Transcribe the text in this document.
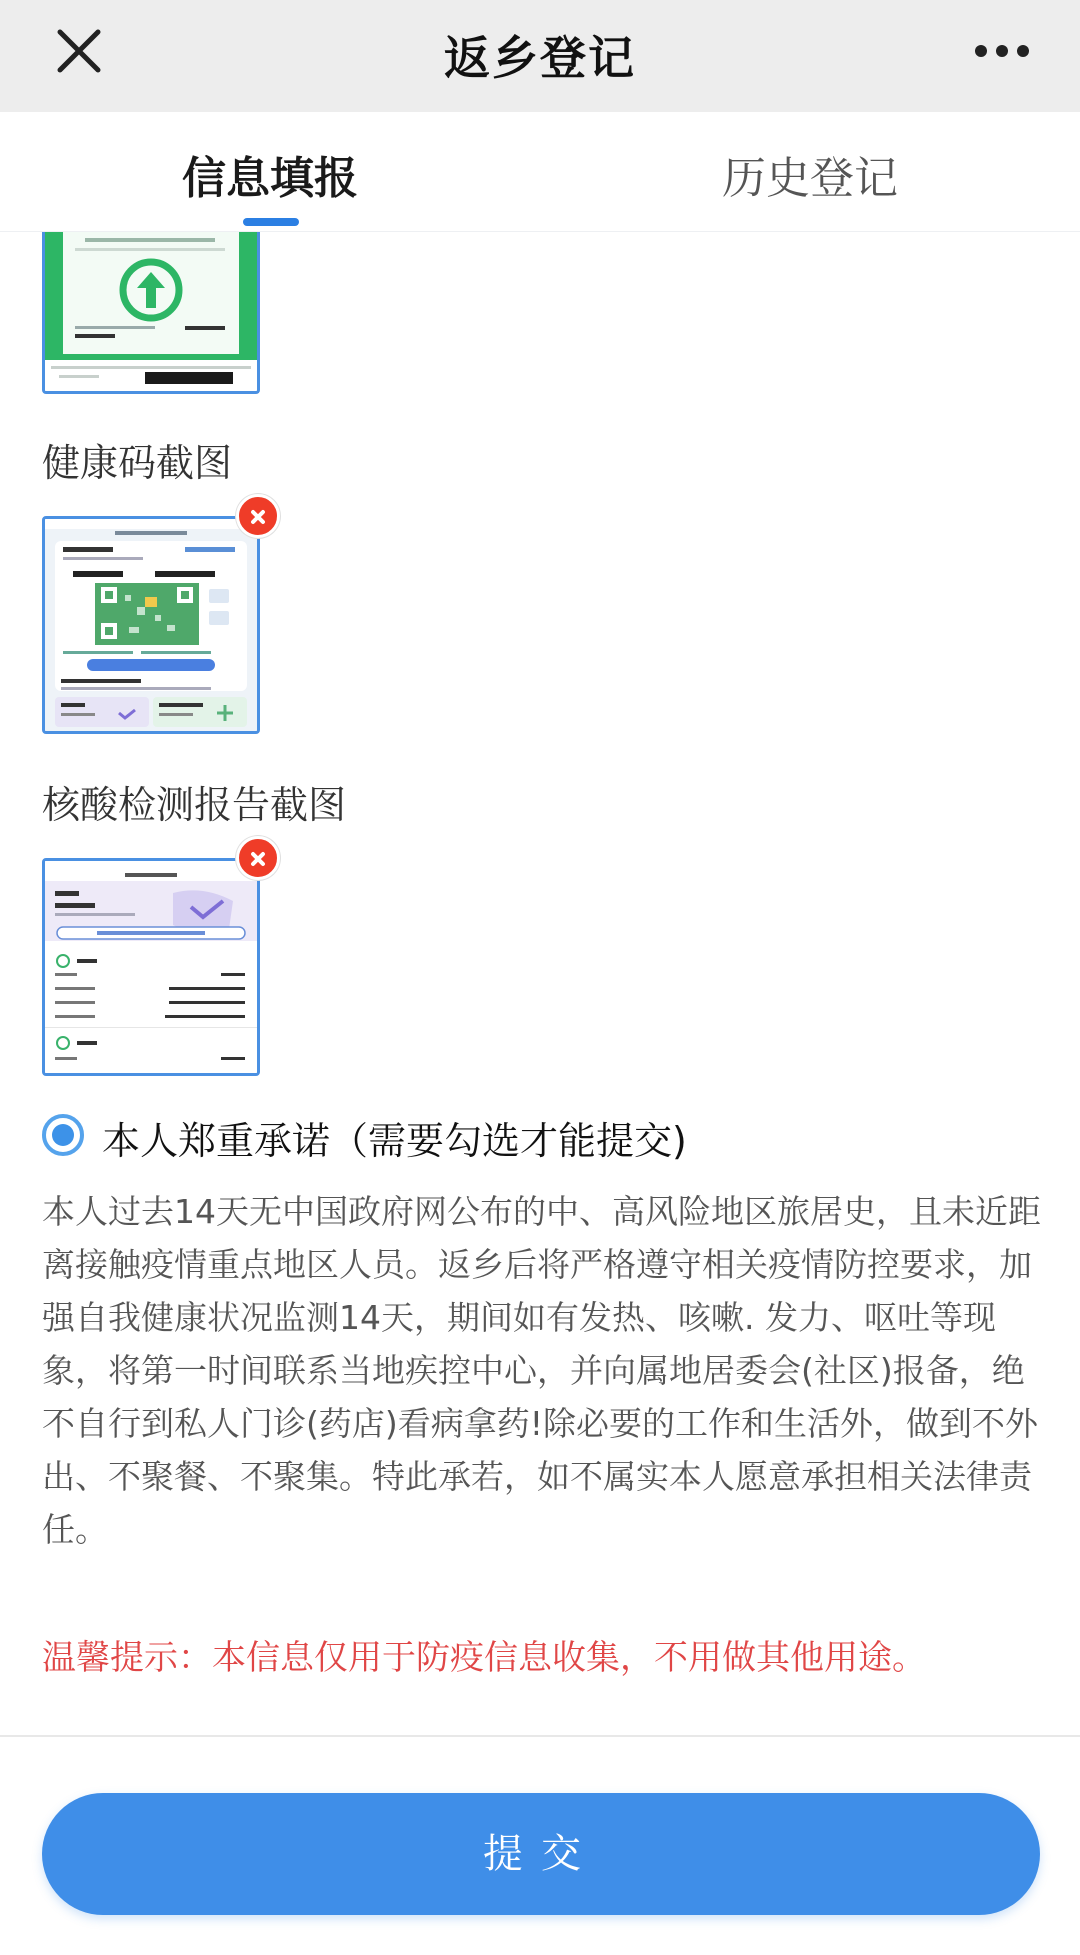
返乡登记
信息填报	历史登记
健康码截图
核酸检测报告截图
本人郑重承诺（需要勾选才能提交)
本人过去14天无中国政府网公布的中、高风险地区旅居史，且未近距离接触疫情重点地区人员。返乡后将严格遵守相关疫情防控要求，加强自我健康状况监测14天，期间如有发热、咳嗽. 发力、呕吐等现象，将第一时间联系当地疾控中心，并向属地居委会(社区)报备，绝不自行到私人门诊(药店)看病拿药!除必要的工作和生活外，做到不外出、不聚餐、不聚集。特此承若，如不属实本人愿意承担相关法律责任。
温馨提示：本信息仅用于防疫信息收集，不用做其他用途。
提交
